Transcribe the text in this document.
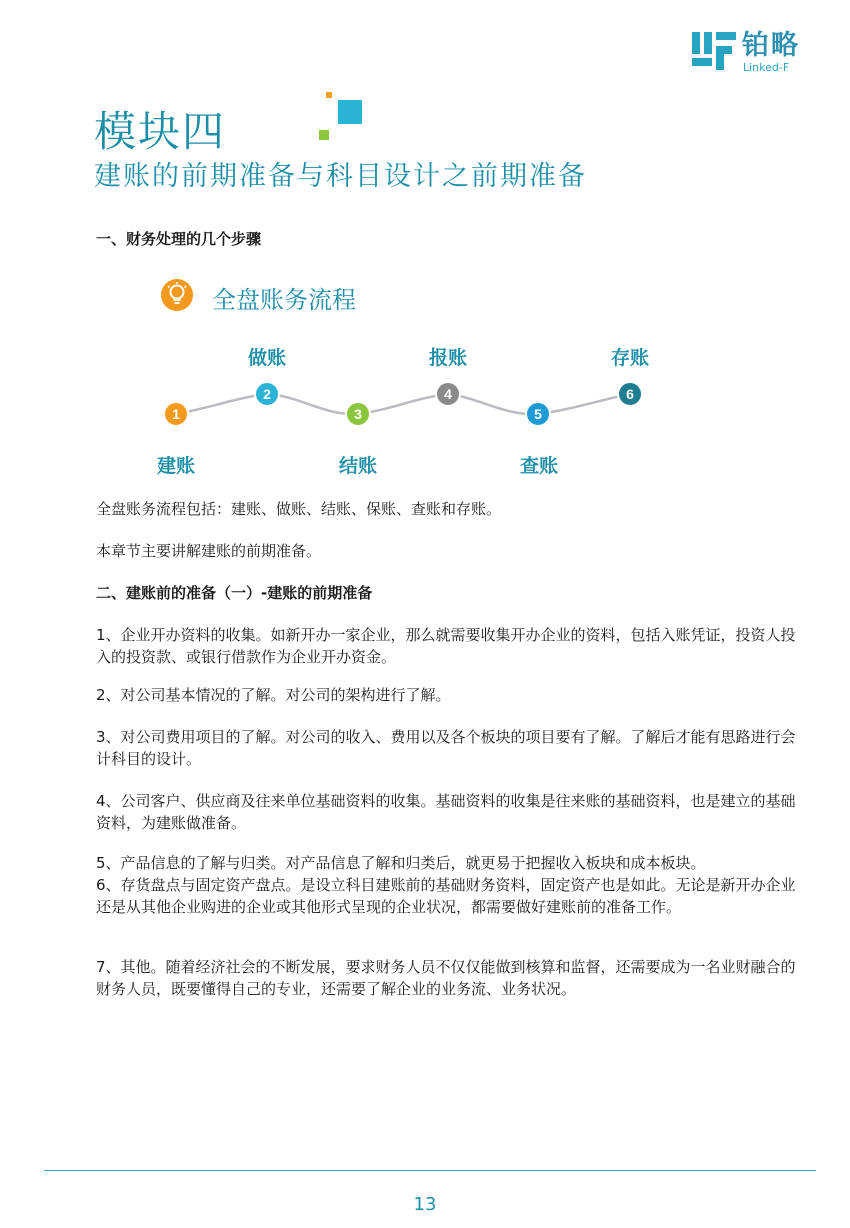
铂略
Linked-F
模块四
建账的前期准备与科目设计之前期准备
一、财务处理的几个步骤
全盘账务流程
1
2
3
4
5
6
建账
做账
结账
报账
查账
存账
全盘账务流程包括：建账、做账、结账、保账、查账和存账。
本章节主要讲解建账的前期准备。
二、建账前的准备（一）-建账的前期准备
1、企业开办资料的收集。如新开办一家企业，那么就需要收集开办企业的资料，包括入账凭证，投资人投入的投资款、或银行借款作为企业开办资金。
2、对公司基本情况的了解。对公司的架构进行了解。
3、对公司费用项目的了解。对公司的收入、费用以及各个板块的项目要有了解。了解后才能有思路进行会计科目的设计。
4、公司客户、供应商及往来单位基础资料的收集。基础资料的收集是往来账的基础资料，也是建立的基础资料，为建账做准备。
5、产品信息的了解与归类。对产品信息了解和归类后，就更易于把握收入板块和成本板块。
6、存货盘点与固定资产盘点。是设立科目建账前的基础财务资料，固定资产也是如此。无论是新开办企业还是从其他企业购进的企业或其他形式呈现的企业状况，都需要做好建账前的准备工作。
7、其他。随着经济社会的不断发展，要求财务人员不仅仅能做到核算和监督，还需要成为一名业财融合的财务人员，既要懂得自己的专业，还需要了解企业的业务流、业务状况。
13
